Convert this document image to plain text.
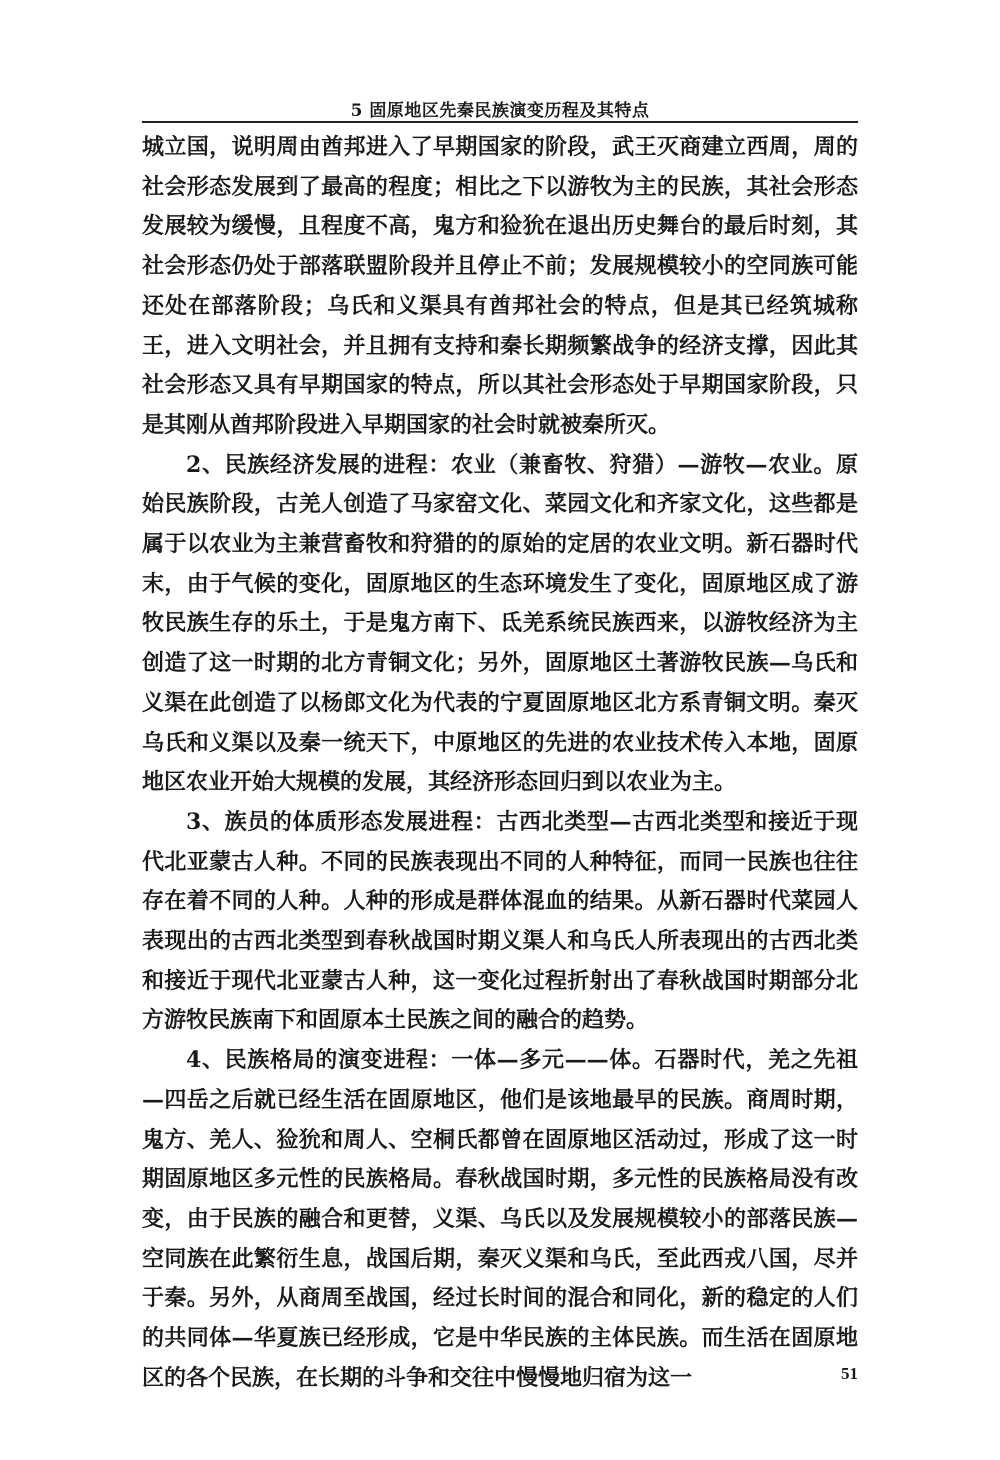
5 固原地区先秦民族演变历程及其特点

城立国，说明周由酋邦进入了早期国家的阶段，武王灭商建立西周，周的社会形态发展到了最高的程度；相比之下以游牧为主的民族，其社会形态发展较为缓慢，且程度不高，鬼方和猃狁在退出历史舞台的最后时刻，其社会形态仍处于部落联盟阶段并且停止不前；发展规模较小的空同族可能还处在部落阶段；乌氏和义渠具有酋邦社会的特点，但是其已经筑城称王，进入文明社会，并且拥有支持和秦长期频繁战争的经济支撑，因此其社会形态又具有早期国家的特点，所以其社会形态处于早期国家阶段，只是其刚从酋邦阶段进入早期国家的社会时就被秦所灭。

2、民族经济发展的进程：农业（兼畜牧、狩猎）—游牧—农业。原始民族阶段，古羌人创造了马家窑文化、菜园文化和齐家文化，这些都是属于以农业为主兼营畜牧和狩猎的的原始的定居的农业文明。新石器时代末，由于气候的变化，固原地区的生态环境发生了变化，固原地区成了游牧民族生存的乐土，于是鬼方南下、氐羌系统民族西来，以游牧经济为主创造了这一时期的北方青铜文化；另外，固原地区土著游牧民族—乌氏和义渠在此创造了以杨郎文化为代表的宁夏固原地区北方系青铜文明。秦灭乌氏和义渠以及秦一统天下，中原地区的先进的农业技术传入本地，固原地区农业开始大规模的发展，其经济形态回归到以农业为主。

3、族员的体质形态发展进程：古西北类型—古西北类型和接近于现代北亚蒙古人种。不同的民族表现出不同的人种特征，而同一民族也往往存在着不同的人种。人种的形成是群体混血的结果。从新石器时代菜园人表现出的古西北类型到春秋战国时期义渠人和乌氏人所表现出的古西北类和接近于现代北亚蒙古人种，这一变化过程折射出了春秋战国时期部分北方游牧民族南下和固原本土民族之间的融合的趋势。

4、民族格局的演变进程：一体—多元——体。石器时代，羌之先祖—四岳之后就已经生活在固原地区，他们是该地最早的民族。商周时期，鬼方、羌人、猃狁和周人、空桐氏都曾在固原地区活动过，形成了这一时期固原地区多元性的民族格局。春秋战国时期，多元性的民族格局没有改变，由于民族的融合和更替，义渠、乌氏以及发展规模较小的部落民族—空同族在此繁衍生息，战国后期，秦灭义渠和乌氏，至此西戎八国，尽并于秦。另外，从商周至战国，经过长时间的混合和同化，新的稳定的人们的共同体—华夏族已经形成，它是中华民族的主体民族。而生活在固原地区的各个民族，在长期的斗争和交往中慢慢地归宿为这一	51
